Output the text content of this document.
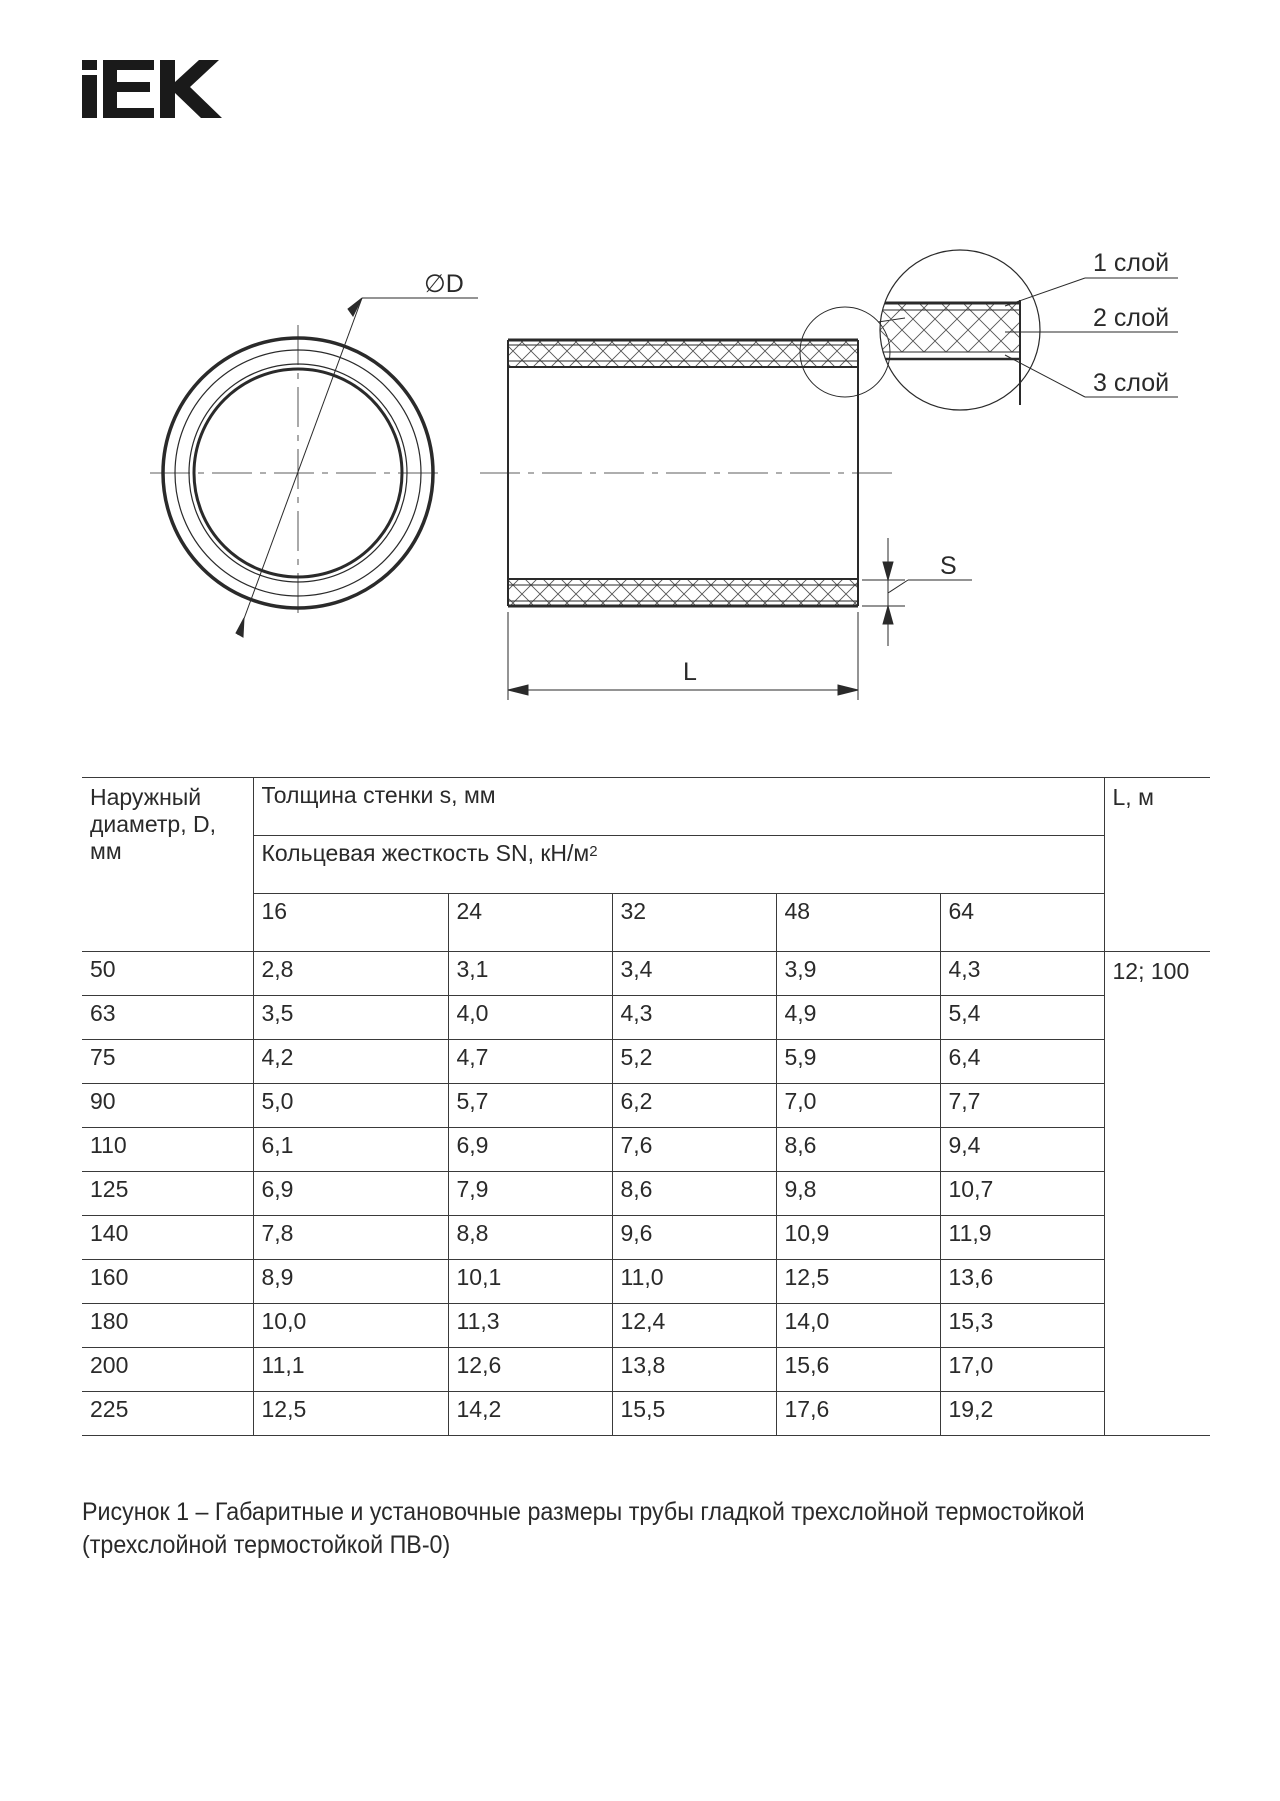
∅D
L
S
1 слой
2 слой
3 слой
Наружный диаметр, D, мм	Толщина стенки s, мм					L, м
	Кольцевая жесткость SN, $кН/м^2$
	16	24	32	48	64	
50	2,8	3,1	3,4	3,9	4,3	12; 100
63	3,5	4,0	4,3	4,9	5,4	
75	4,2	4,7	5,2	5,9	6,4	
90	5,0	5,7	6,2	7,0	7,7	
110	6,1	6,9	7,6	8,6	9,4	
125	6,9	7,9	8,6	9,8	10,7	
140	7,8	8,8	9,6	10,9	11,9	
160	8,9	10,1	11,0	12,5	13,6	
180	10,0	11,3	12,4	14,0	15,3	
200	11,1	12,6	13,8	15,6	17,0	
225	12,5	14,2	15,5	17,6	19,2	
Рисунок 1 – Габаритные и установочные размеры трубы гладкой трехслойной термостойкой
(трехслойной термостойкой ПВ-0)
